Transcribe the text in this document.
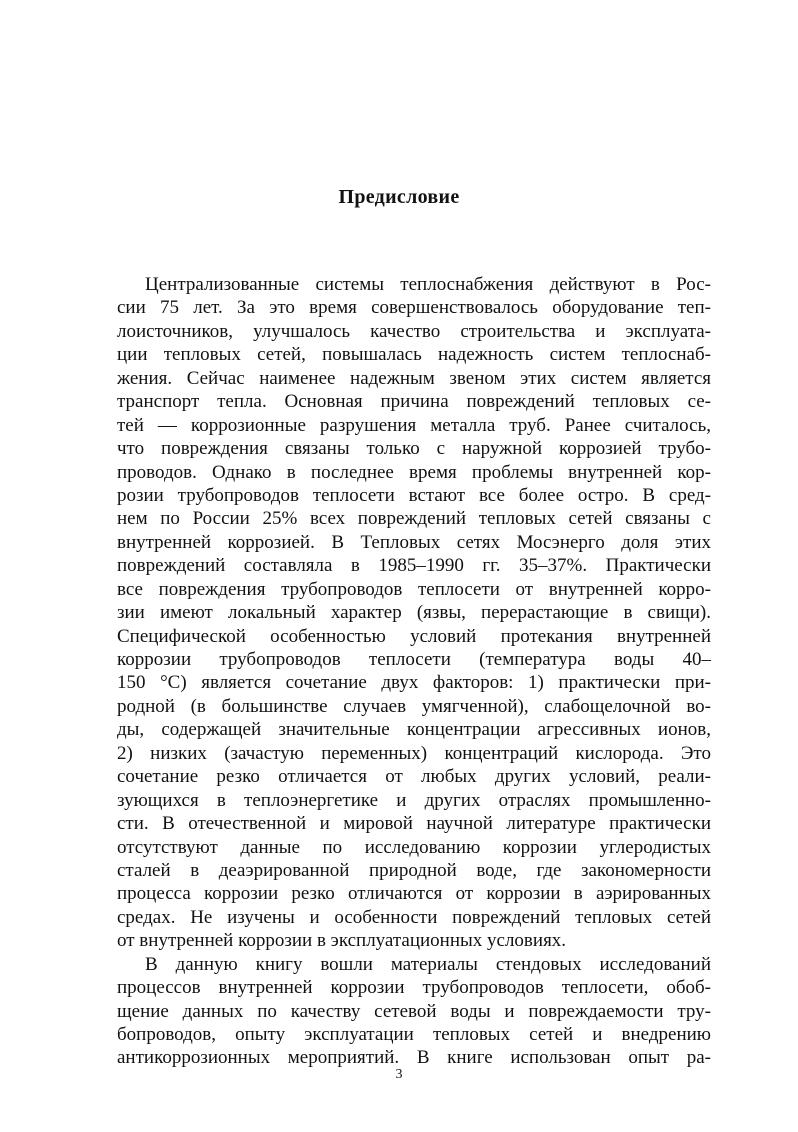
Предисловие
Централизованные системы теплоснабжения действуют в Рос-
сии 75 лет. За это время совершенствовалось оборудование теп-
лоисточников, улучшалось качество строительства и эксплуата-
ции тепловых сетей, повышалась надежность систем теплоснаб-
жения. Сейчас наименее надежным звеном этих систем является
транспорт тепла. Основная причина повреждений тепловых се-
тей — коррозионные разрушения металла труб. Ранее считалось,
что повреждения связаны только с наружной коррозией трубо-
проводов. Однако в последнее время проблемы внутренней кор-
розии трубопроводов теплосети встают все более остро. В сред-
нем по России 25% всех повреждений тепловых сетей связаны с
внутренней коррозией. В Тепловых сетях Мосэнерго доля этих
повреждений составляла в 1985–1990 гг. 35–37%. Практически
все повреждения трубопроводов теплосети от внутренней корро-
зии имеют локальный характер (язвы, перерастающие в свищи).
Специфической особенностью условий протекания внутренней
коррозии трубопроводов теплосети (температура воды 40–
150 °С) является сочетание двух факторов: 1) практически при-
родной (в большинстве случаев умягченной), слабощелочной во-
ды, содержащей значительные концентрации агрессивных ионов,
2) низких (зачастую переменных) концентраций кислорода. Это
сочетание резко отличается от любых других условий, реали-
зующихся в теплоэнергетике и других отраслях промышленно-
сти. В отечественной и мировой научной литературе практически
отсутствуют данные по исследованию коррозии углеродистых
сталей в деаэрированной природной воде, где закономерности
процесса коррозии резко отличаются от коррозии в аэрированных
средах. Не изучены и особенности повреждений тепловых сетей
от внутренней коррозии в эксплуатационных условиях.
В данную книгу вошли материалы стендовых исследований
процессов внутренней коррозии трубопроводов теплосети, обоб-
щение данных по качеству сетевой воды и повреждаемости тру-
бопроводов, опыту эксплуатации тепловых сетей и внедрению
антикоррозионных мероприятий. В книге использован опыт ра-
3
